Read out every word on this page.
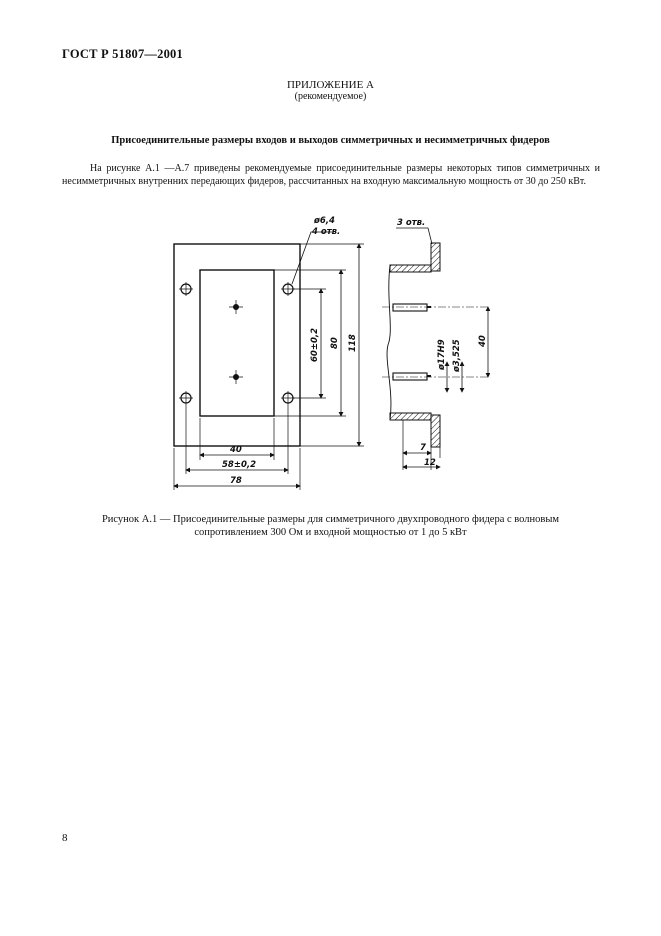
ГОСТ Р 51807—2001
ПРИЛОЖЕНИЕ А
(рекомендуемое)
Присоединительные размеры входов и выходов симметричных и несимметричных фидеров
На рисунке А.1 —А.7 приведены рекомендуемые присоединительные размеры некоторых типов симметричных и несимметричных внутренних передающих фидеров, рассчитанных на входную максимальную мощность от 30 до 250 кВт.
ø6,4
4 отв.
40
58±0,2
78
60±0,2 80 118	40
ø17Н9 ø3,525
3 отв.
7
12
Рисунок А.1 — Присоединительные размеры для симметричного двухпроводного фидера с волновым
сопротивлением 300 Ом и входной мощностью от 1 до 5 кВт
8
